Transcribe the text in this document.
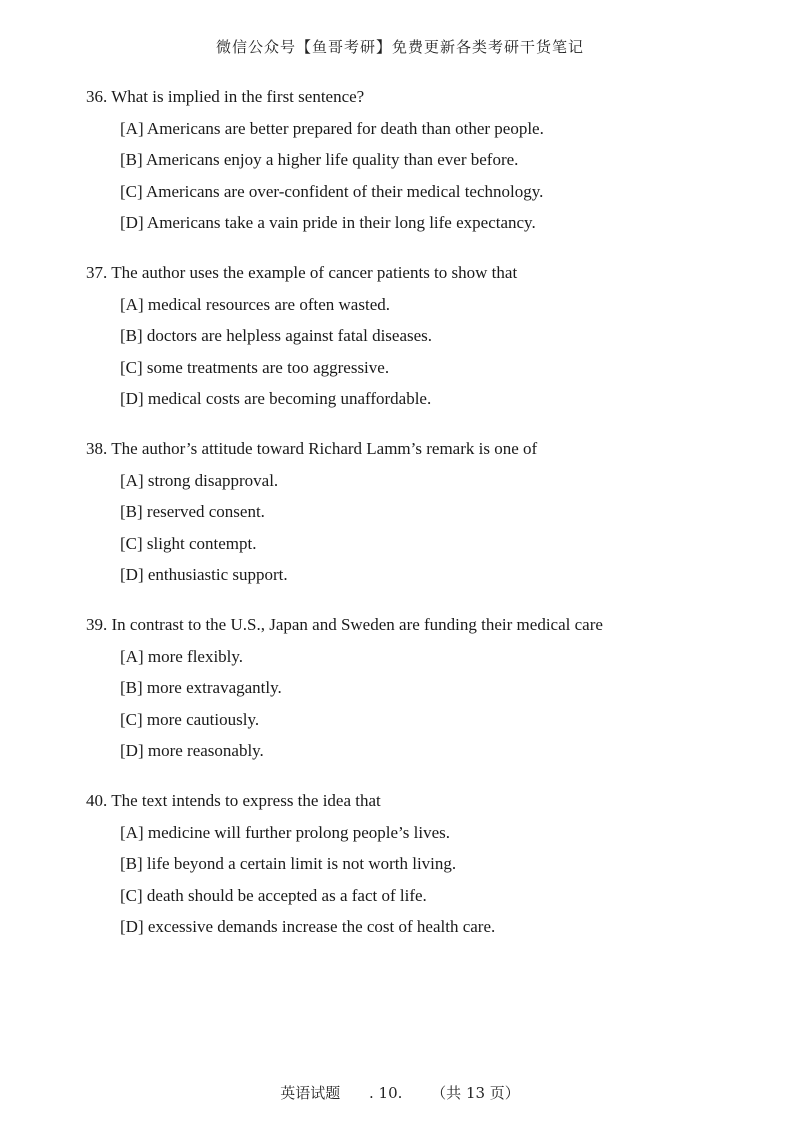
微信公众号【鱼哥考研】免费更新各类考研干货笔记
36. What is implied in the first sentence?
[A] Americans are better prepared for death than other people.
[B] Americans enjoy a higher life quality than ever before.
[C] Americans are over-confident of their medical technology.
[D] Americans take a vain pride in their long life expectancy.
37. The author uses the example of cancer patients to show that
[A] medical resources are often wasted.
[B] doctors are helpless against fatal diseases.
[C] some treatments are too aggressive.
[D] medical costs are becoming unaffordable.
38. The author’s attitude toward Richard Lamm’s remark is one of
[A] strong disapproval.
[B] reserved consent.
[C] slight contempt.
[D] enthusiastic support.
39. In contrast to the U.S., Japan and Sweden are funding their medical care
[A] more flexibly.
[B] more extravagantly.
[C] more cautiously.
[D] more reasonably.
40. The text intends to express the idea that
[A] medicine will further prolong people’s lives.
[B] life beyond a certain limit is not worth living.
[C] death should be accepted as a fact of life.
[D] excessive demands increase the cost of health care.
英语试题 . 10. （共 13 页）
